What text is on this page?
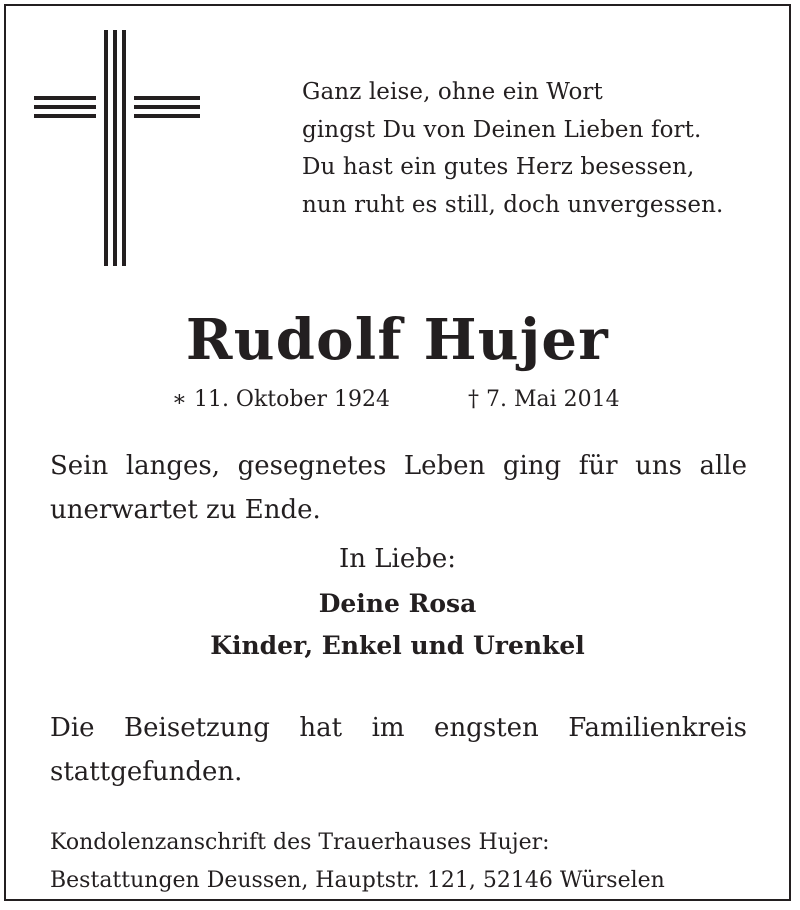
Ganz leise, ohne ein Wort
gingst Du von Deinen Lieben fort.
Du hast ein gutes Herz besessen,
nun ruht es still, doch unvergessen.

Rudolf Hujer
∗ 11. Oktober 1924	† 7. Mai 2014

Sein langes, gesegnetes Leben ging für uns alle unerwartet zu Ende.

In Liebe:

Deine Rosa

Kinder, Enkel und Urenkel

Die Beisetzung hat im engsten Familienkreis stattgefunden.

Kondolenzanschrift des Trauerhauses Hujer:
Bestattungen Deussen, Hauptstr. 121, 52146 Würselen
